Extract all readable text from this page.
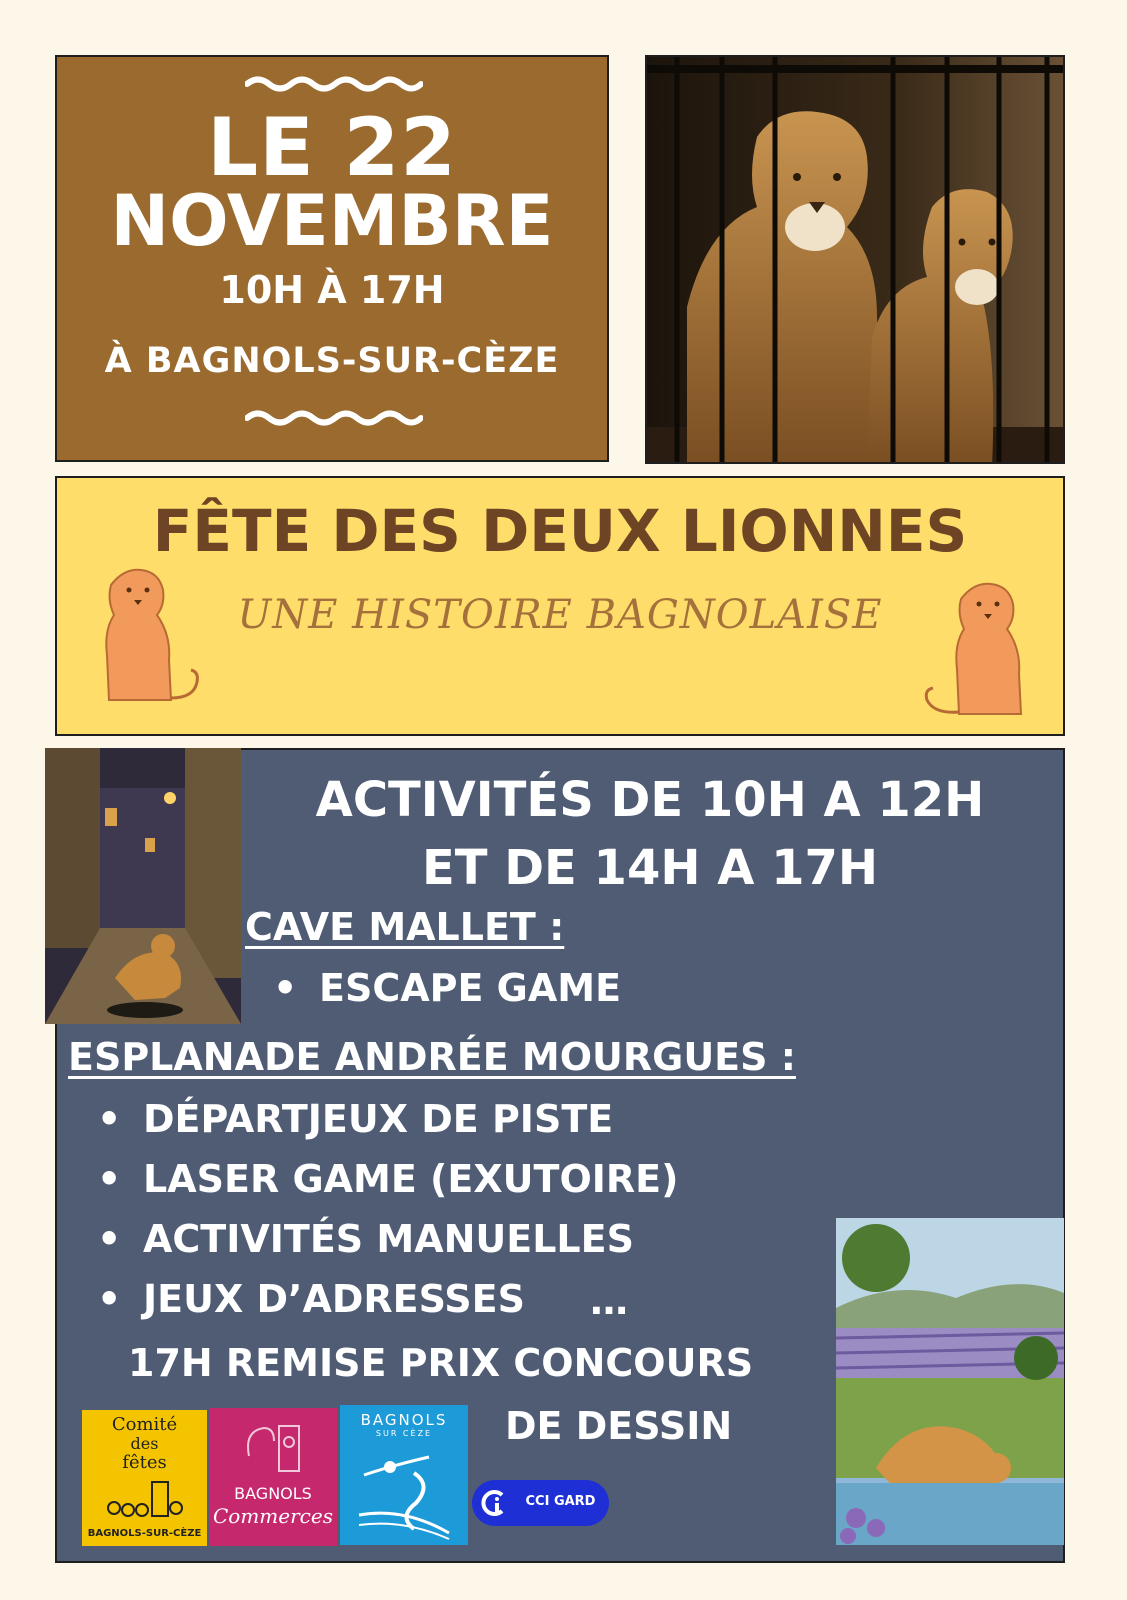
LE 22
NOVEMBRE
10H À 17H
À BAGNOLS-SUR-CÈZE
FÊTE DES DEUX LIONNES
UNE HISTOIRE BAGNOLAISE
ACTIVITÉS DE 10H A 12H
ET DE 14H A 17H
CAVE MALLET :
• ESCAPE GAME
ESPLANADE ANDRÉE MOURGUES :
• DÉPARTJEUX DE PISTE
• LASER GAME (EXUTOIRE)
• ACTIVITÉS MANUELLES
• JEUX D’ADRESSES …
17H REMISE PRIX CONCOURS
DE DESSIN
Comité
des
fêtes
BAGNOLS-SUR-CÈZE
BAGNOLS
Commerces
BAGNOLS
SUR CÈZE
CCI GARD
